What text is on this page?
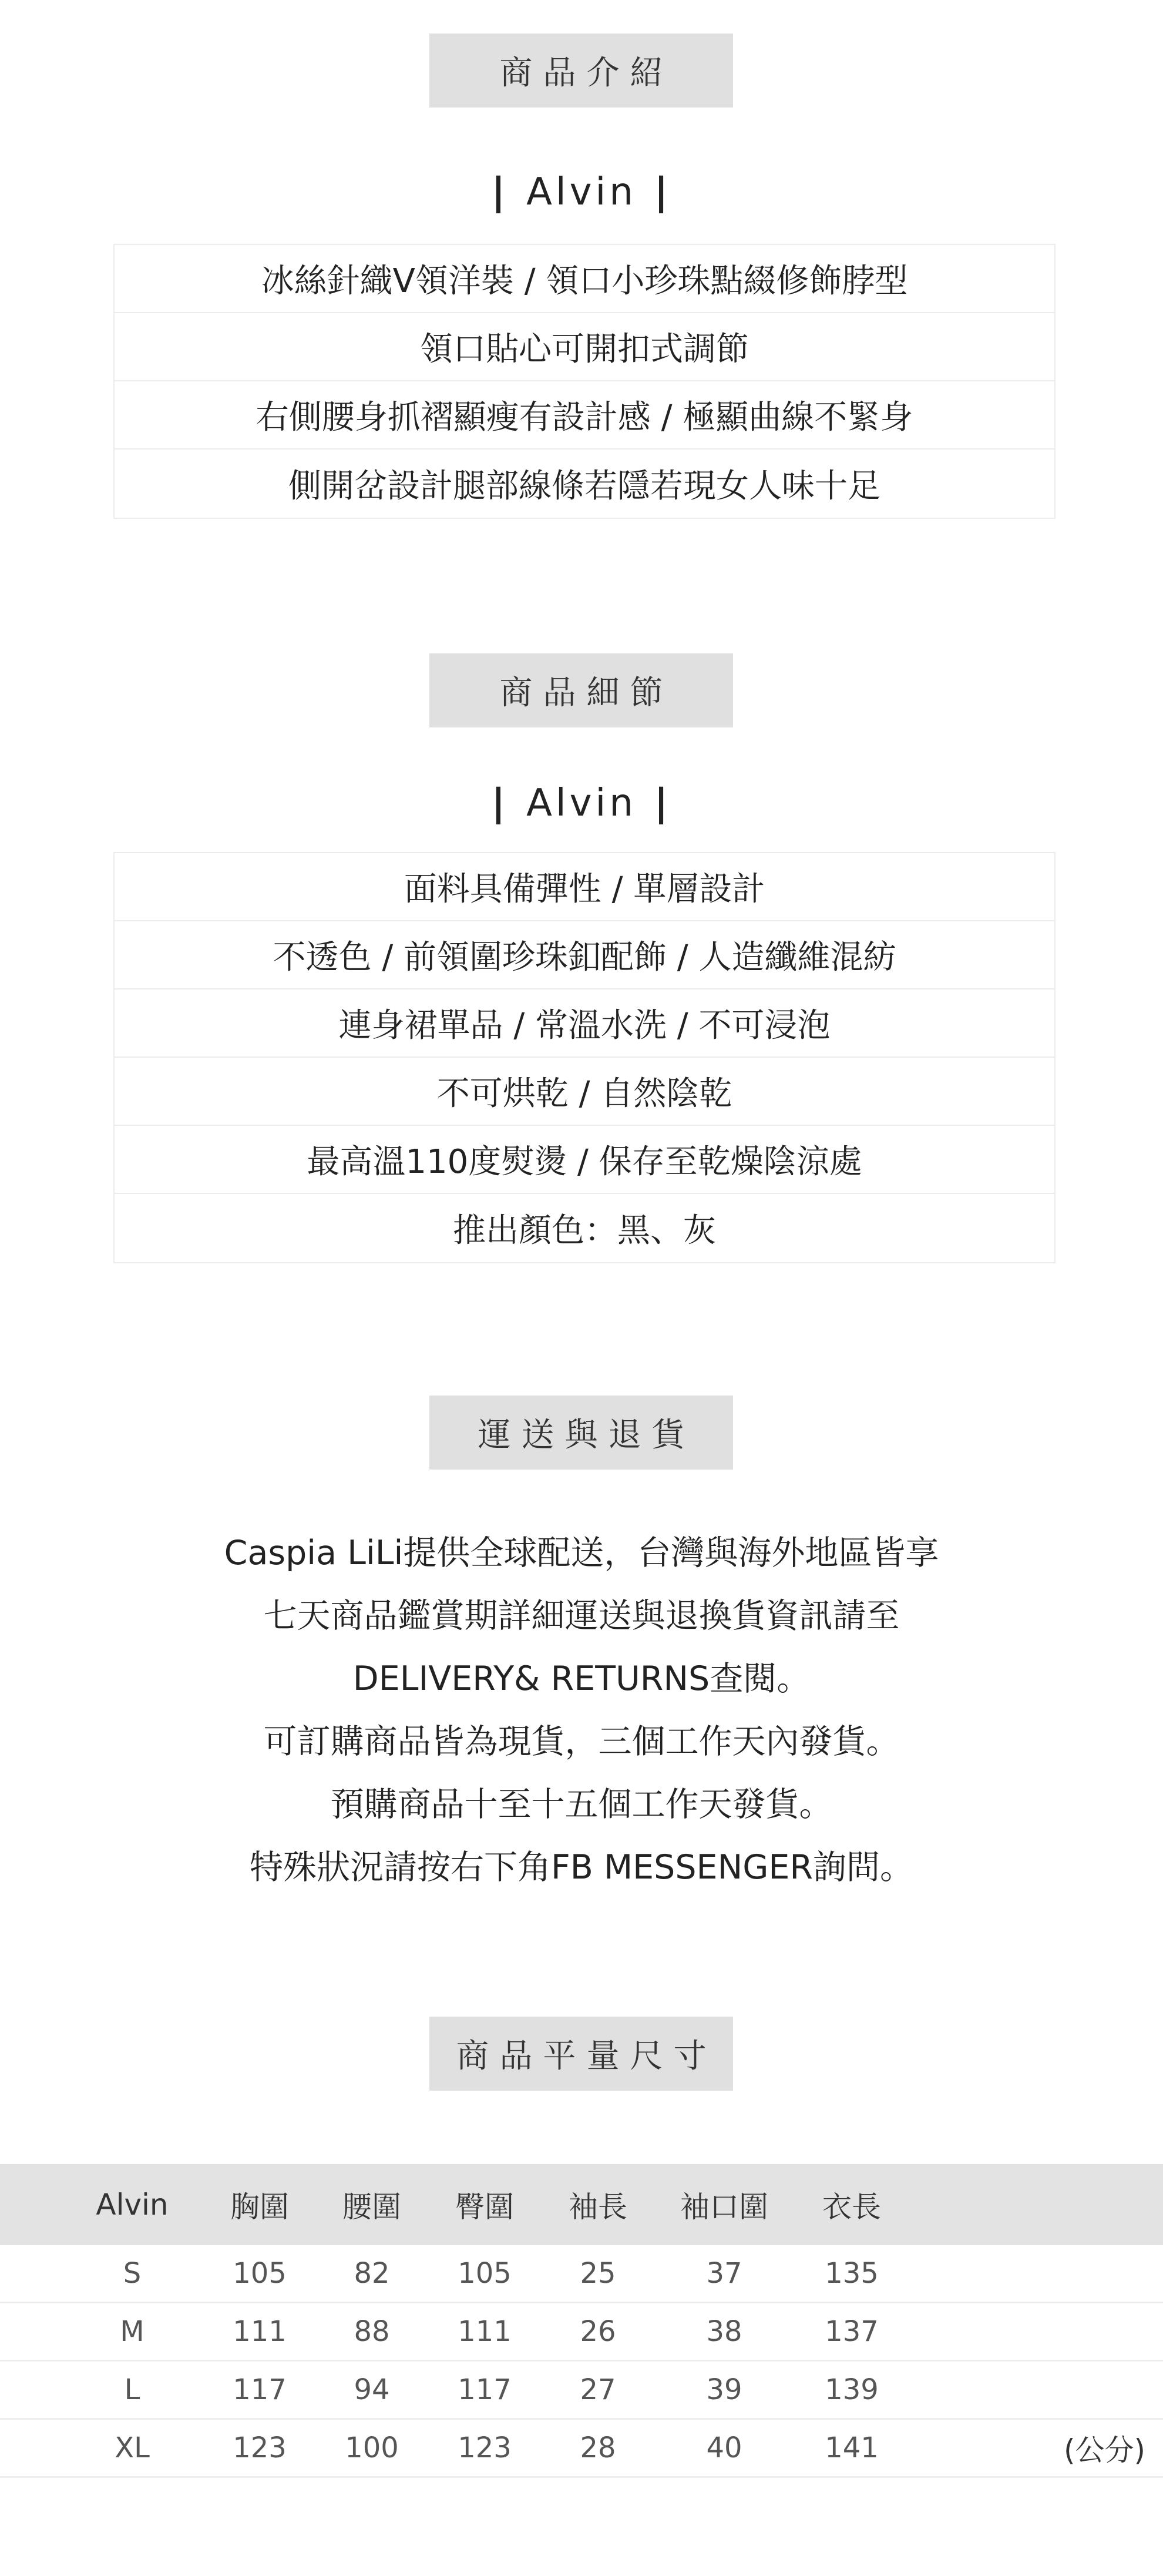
商品介紹
| Alvin |
冰絲針織V領洋裝 / 領口小珍珠點綴修飾脖型
領口貼心可開扣式調節
右側腰身抓褶顯瘦有設計感 / 極顯曲線不緊身
側開岔設計腿部線條若隱若現女人味十足
商品細節
| Alvin |
面料具備彈性 / 單層設計
不透色 / 前領圍珍珠釦配飾 / 人造纖維混紡
連身裙單品 / 常溫水洗 / 不可浸泡
不可烘乾 / 自然陰乾
最高溫110度熨燙 / 保存至乾燥陰涼處
推出顏色：黑、灰
運送與退貨
Caspia LiLi提供全球配送，台灣與海外地區皆享
七天商品鑑賞期詳細運送與退換貨資訊請至
DELIVERY& RETURNS查閱。
可訂購商品皆為現貨，三個工作天內發貨。
預購商品十至十五個工作天發貨。
特殊狀況請按右下角FB MESSENGER詢問。
商品平量尺寸
Alvin	胸圍	腰圍	臀圍	袖長	袖口圍	衣長
S	105	82	105	25	37	135
M	111	88	111	26	38	137
L	117	94	117	27	39	139
XL	123	100	123	28	40	141	(公分)
